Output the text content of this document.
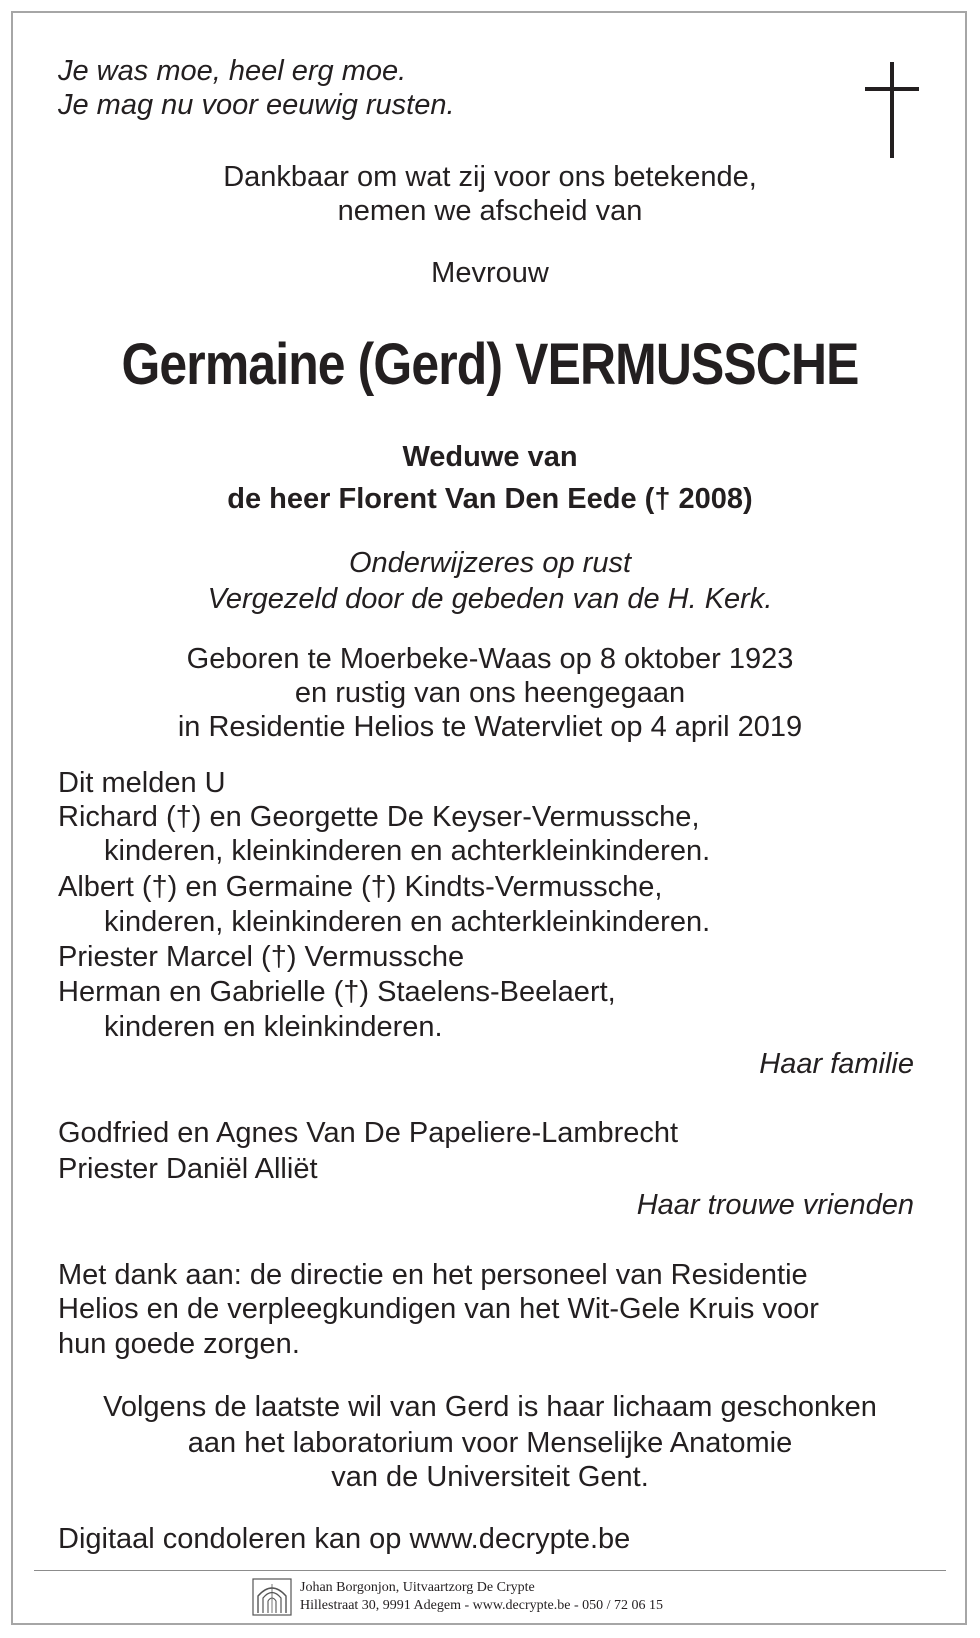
Je was moe, heel erg moe.
Je mag nu voor eeuwig rusten.
Dankbaar om wat zij voor ons betekende,
nemen we afscheid van
Mevrouw
Germaine (Gerd) VERMUSSCHE
Weduwe van
de heer Florent Van Den Eede († 2008)
Onderwijzeres op rust
Vergezeld door de gebeden van de H. Kerk.
Geboren te Moerbeke-Waas op 8 oktober 1923
en rustig van ons heengegaan
in Residentie Helios te Watervliet op 4 april 2019
Dit melden U
Richard (†) en Georgette De Keyser-Vermussche,
kinderen, kleinkinderen en achterkleinkinderen.
Albert (†) en Germaine (†) Kindts-Vermussche,
kinderen, kleinkinderen en achterkleinkinderen.
Priester Marcel (†) Vermussche
Herman en Gabrielle (†) Staelens-Beelaert,
kinderen en kleinkinderen.
Haar familie
Godfried en Agnes Van De Papeliere-Lambrecht
Priester Daniël Alliët
Haar trouwe vrienden
Met dank aan: de directie en het personeel van Residentie
Helios en de verpleegkundigen van het Wit-Gele Kruis voor
hun goede zorgen.
Volgens de laatste wil van Gerd is haar lichaam geschonken
aan het laboratorium voor Menselijke Anatomie
van de Universiteit Gent.
Digitaal condoleren kan op www.decrypte.be
Johan Borgonjon, Uitvaartzorg De Crypte
Hillestraat 30, 9991 Adegem - www.decrypte.be - 050 / 72 06 15
